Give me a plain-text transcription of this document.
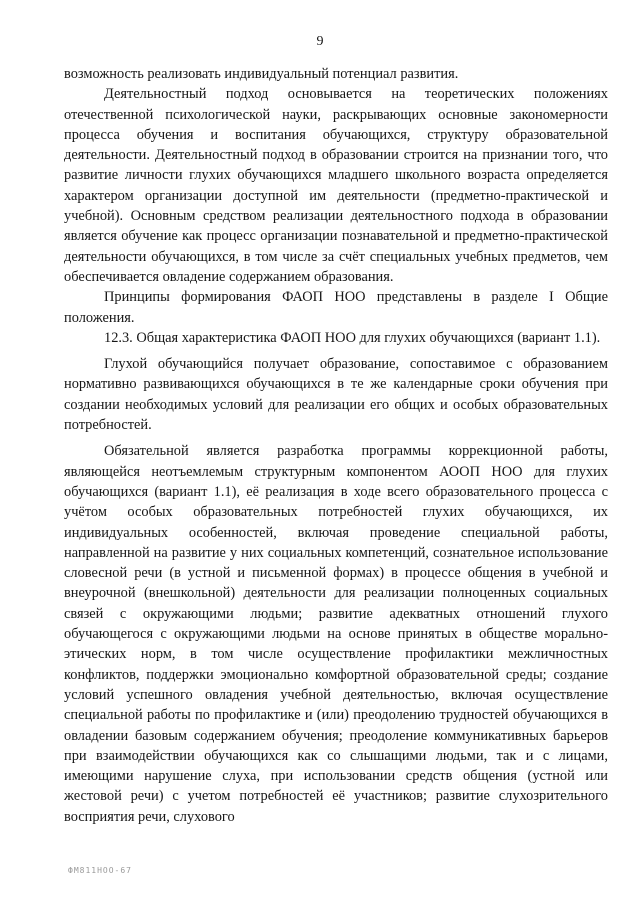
9

возможность реализовать индивидуальный потенциал развития.

Деятельностный подход основывается на теоретических положениях отечественной психологической науки, раскрывающих основные закономерности процесса обучения и воспитания обучающихся, структуру образовательной деятельности. Деятельностный подход в образовании строится на признании того, что развитие личности глухих обучающихся младшего школьного возраста определяется характером организации доступной им деятельности (предметно-практической и учебной). Основным средством реализации деятельностного подхода в образовании является обучение как процесс организации познавательной и предметно-практической деятельности обучающихся, в том числе за счёт специальных учебных предметов, чем обеспечивается овладение содержанием образования.

Принципы формирования ФАОП НОО представлены в разделе I Общие положения.

12.3. Общая характеристика ФАОП НОО для глухих обучающихся (вариант 1.1).

Глухой обучающийся получает образование, сопоставимое с образованием нормативно развивающихся обучающихся в те же календарные сроки обучения при создании необходимых условий для реализации его общих и особых образовательных потребностей.

Обязательной является разработка программы коррекционной работы, являющейся неотъемлемым структурным компонентом АООП НОО для глухих обучающихся (вариант 1.1), её реализация в ходе всего образовательного процесса с учётом особых образовательных потребностей глухих обучающихся, их индивидуальных особенностей, включая проведение специальной работы, направленной на развитие у них социальных компетенций, сознательное использование словесной речи (в устной и письменной формах) в процессе общения в учебной и внеурочной (внешкольной) деятельности для реализации полноценных социальных связей с окружающими людьми; развитие адекватных отношений глухого обучающегося с окружающими людьми на основе принятых в обществе морально-этических норм, в том числе осуществление профилактики межличностных конфликтов, поддержки эмоционально комфортной образовательной среды; создание условий успешного овладения учебной деятельностью, включая осуществление специальной работы по профилактике и (или) преодолению трудностей обучающихся в овладении базовым содержанием обучения; преодоление коммуникативных барьеров при взаимодействии обучающихся как со слышащими людьми, так и с лицами, имеющими нарушение слуха, при использовании средств общения (устной или жестовой речи) с учетом потребностей её участников; развитие слухозрительного восприятия речи, слухового

ФМ811НОО-67
